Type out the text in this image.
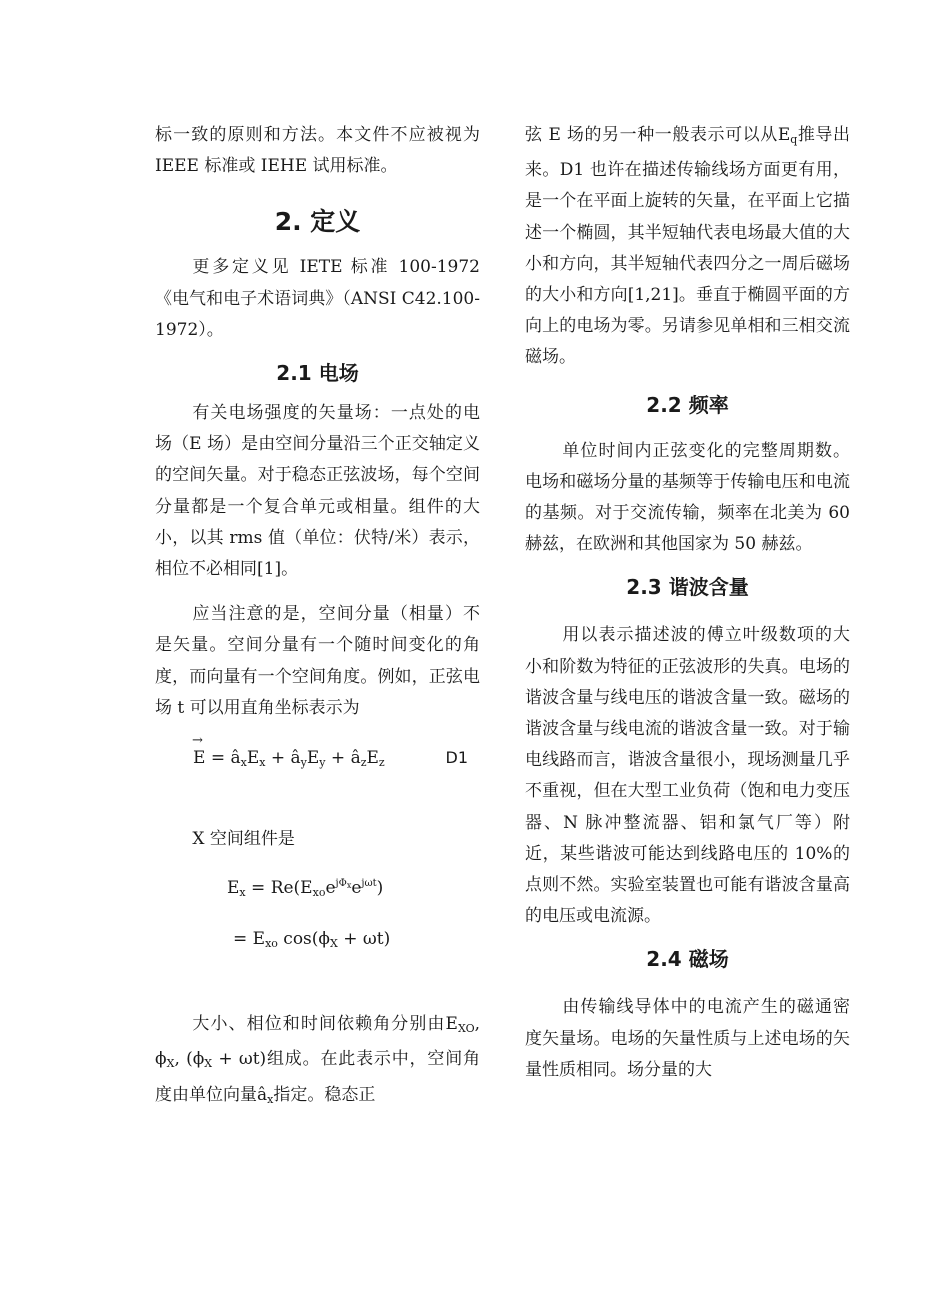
标一致的原则和方法。本文件不应被视为 IEEE 标准或 IEHE 试用标准。

2. 定义

更多定义见 IETE 标准 100-1972《电气和电子术语词典》（ANSI C42.100-1972）。

2.1 电场

有关电场强度的矢量场：一点处的电场（E 场）是由空间分量沿三个正交轴定义的空间矢量。对于稳态正弦波场，每个空间分量都是一个复合单元或相量。组件的大小，以其 rms 值（单位：伏特/米）表示，相位不必相同[1]。

应当注意的是，空间分量（相量）不是矢量。空间分量有一个随时间变化的角度，而向量有一个空间角度。例如，正弦电场 t 可以用直角坐标表示为

→ $E = â_xE_x$ + $â_yE_y$ + $â_zE_z$	D1

X 空间组件是

$E_x = Re(E_{xo}e^{j\Phi_x}e^{j\omega t})$
= $E_{xo}$ $\cos(\phi_X + \omega t)$

大小、相位和时间依赖角分别由$E_{XO}$, $\phi_X$, $(\phi_X + \omega t)$组成。在此表示中，空间角度由单位向量$â_x$指定。稳态正

弦 E 场的另一种一般表示可以从$E_q$推导出来。D1 也许在描述传输线场方面更有用，是一个在平面上旋转的矢量，在平面上它描述一个椭圆，其半短轴代表电场最大值的大小和方向，其半短轴代表四分之一周后磁场的大小和方向[1,21]。垂直于椭圆平面的方向上的电场为零。另请参见单相和三相交流磁场。

2.2 频率

单位时间内正弦变化的完整周期数。电场和磁场分量的基频等于传输电压和电流的基频。对于交流传输，频率在北美为 60 赫兹，在欧洲和其他国家为 50 赫兹。

2.3 谐波含量

用以表示描述波的傅立叶级数项的大小和阶数为特征的正弦波形的失真。电场的谐波含量与线电压的谐波含量一致。磁场的谐波含量与线电流的谐波含量一致。对于输电线路而言，谐波含量很小，现场测量几乎不重视，但在大型工业负荷（饱和电力变压器、N 脉冲整流器、铝和氯气厂等）附近，某些谐波可能达到线路电压的 10%的点则不然。实验室装置也可能有谐波含量高的电压或电流源。

2.4 磁场

由传输线导体中的电流产生的磁通密度矢量场。电场的矢量性质与上述电场的矢量性质相同。场分量的大
